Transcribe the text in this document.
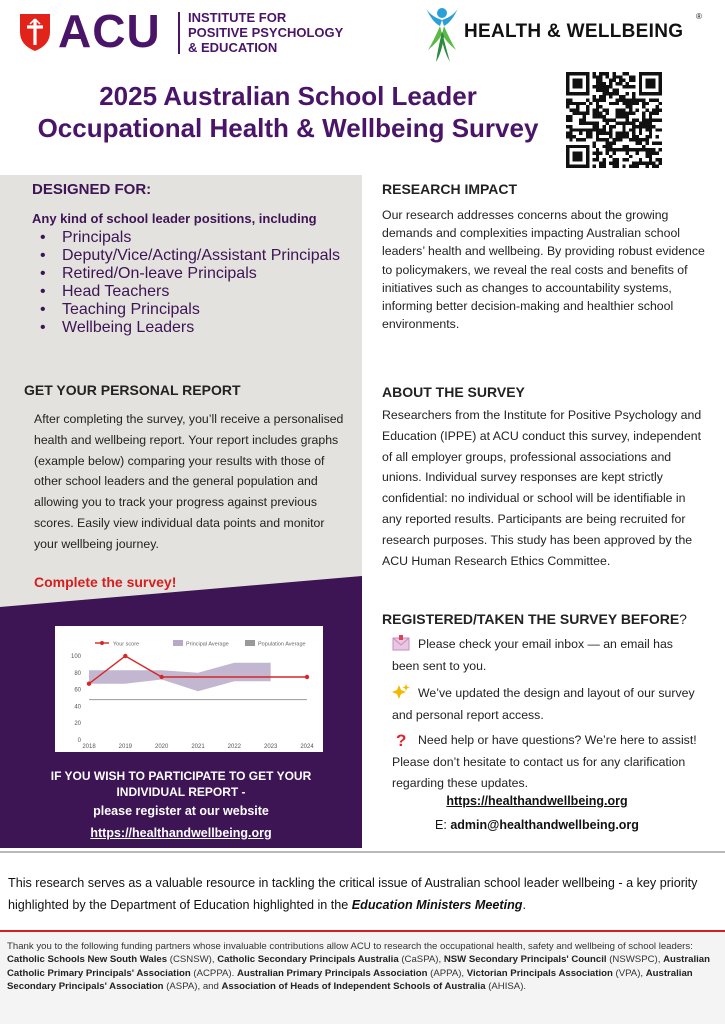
ACU INSTITUTE FOR
POSITIVE PSYCHOLOGY
& EDUCATION
HEALTH & WELLBEING
®
2025 Australian School Leader
Occupational Health & Wellbeing Survey
DESIGNED FOR:
Any kind of school leader positions, including
• Principals
• Deputy/Vice/Acting/Assistant Principals
• Retired/On-leave Principals
• Head Teachers
• Teaching Principals
• Wellbeing Leaders
GET YOUR PERSONAL REPORT
After completing the survey, you’ll receive a personalised health and wellbeing report. Your report includes graphs (example below) comparing your results with those of other school leaders and the general population and allowing you to track your progress against previous scores. Easily view individual data points and monitor your wellbeing journey.
Complete the survey!
0
20
40
60
80
100
2018	2019	2020	2021	2022	2023	2024
Your score	Principal Average	Population Average
IF YOU WISH TO PARTICIPATE TO GET YOUR
INDIVIDUAL REPORT -
please register at our website
https://healthandwellbeing.org
RESEARCH IMPACT
Our research addresses concerns about the growing demands and complexities impacting Australian school leaders’ health and wellbeing. By providing robust evidence to policymakers, we reveal the real costs and benefits of initiatives such as changes to accountability systems, informing better decision-making and healthier school environments.
ABOUT THE SURVEY
Researchers from the Institute for Positive Psychology and Education (IPPE) at ACU conduct this survey, independent of all employer groups, professional associations and unions. Individual survey responses are kept strictly confidential: no individual or school will be identifiable in any reported results. Participants are being recruited for research purposes. This study has been approved by the ACU Human Research Ethics Committee.
REGISTERED/TAKEN THE SURVEY BEFORE?
Please check your email inbox — an email has been sent to you.
We’ve updated the design and layout of our survey and personal report access.
? Need help or have questions? We’re here to assist! Please don’t hesitate to contact us for any clarification regarding these updates.
https://healthandwellbeing.org
E: admin@healthandwellbeing.org
This research serves as a valuable resource in tackling the critical issue of Australian school leader wellbeing - a key priority highlighted by the Department of Education highlighted in the Education Ministers Meeting.
Thank you to the following funding partners whose invaluable contributions allow ACU to research the occupational health, safety and wellbeing of school leaders: Catholic Schools New South Wales (CSNSW), Catholic Secondary Principals Australia (CaSPA), NSW Secondary Principals' Council (NSWSPC), Australian Catholic Primary Principals' Association (ACPPA). Australian Primary Principals Association (APPA), Victorian Principals Association (VPA), Australian Secondary Principals' Association (ASPA), and Association of Heads of Independent Schools of Australia (AHISA).
